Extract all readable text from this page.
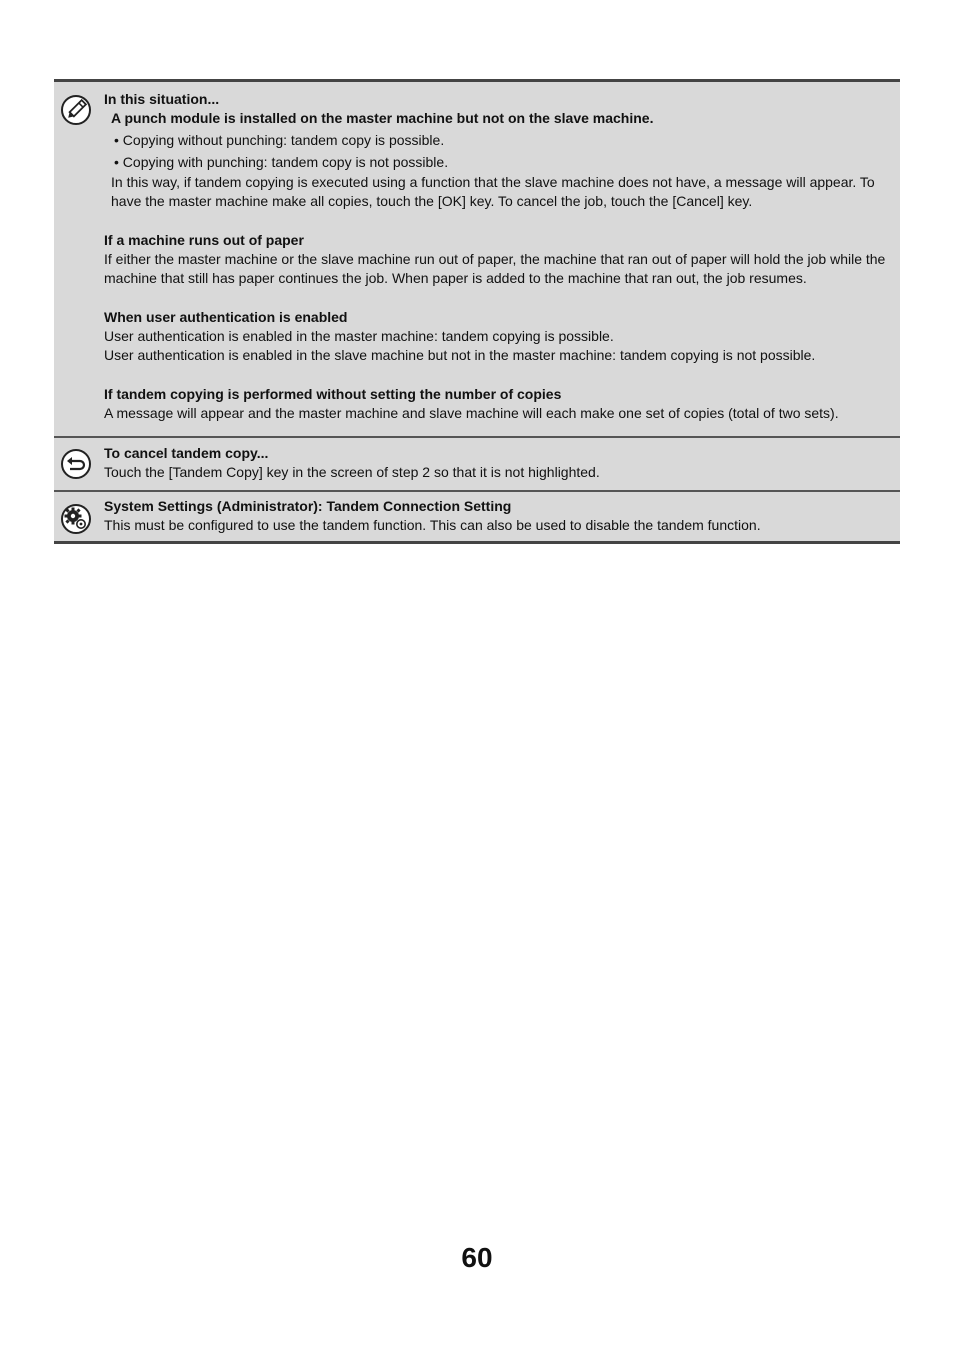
In this situation...
A punch module is installed on the master machine but not on the slave machine.
• Copying without punching: tandem copy is possible.
• Copying with punching: tandem copy is not possible.
In this way, if tandem copying is executed using a function that the slave machine does not have, a message will appear. To have the master machine make all copies, touch the [OK] key. To cancel the job, touch the [Cancel] key.
If a machine runs out of paper
If either the master machine or the slave machine run out of paper, the machine that ran out of paper will hold the job while the machine that still has paper continues the job. When paper is added to the machine that ran out, the job resumes.
When user authentication is enabled
User authentication is enabled in the master machine: tandem copying is possible.
User authentication is enabled in the slave machine but not in the master machine: tandem copying is not possible.
If tandem copying is performed without setting the number of copies
A message will appear and the master machine and slave machine will each make one set of copies (total of two sets).
To cancel tandem copy...
Touch the [Tandem Copy] key in the screen of step 2 so that it is not highlighted.
System Settings (Administrator): Tandem Connection Setting
This must be configured to use the tandem function. This can also be used to disable the tandem function.
60
